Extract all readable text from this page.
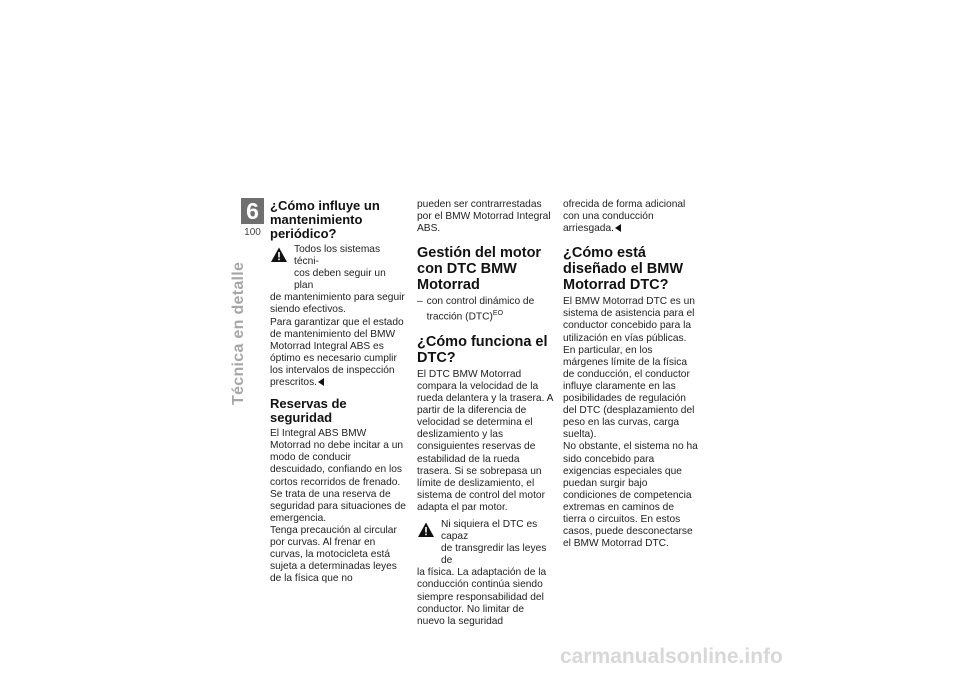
6
100
Técnica en detalle
¿Cómo influye un mantenimiento periódico?
Todos los sistemas técni-
cos deben seguir un plan

de mantenimiento para seguir siendo efectivos.

Para garantizar que el estado de mantenimiento del BMW Motorrad Integral ABS es óptimo es necesario cumplir los intervalos de inspección prescritos.

Reservas de seguridad

El Integral ABS BMW Motorrad no debe incitar a un modo de conducir descuidado, confiando en los cortos recorridos de frenado. Se trata de una reserva de seguridad para situaciones de emergencia.

Tenga precaución al circular por curvas. Al frenar en curvas, la motocicleta está sujeta a determinadas leyes de la física que no

pueden ser contrarrestadas por el BMW Motorrad Integral ABS.

Gestión del motor con DTC BMW Motorrad
– con control dinámico de tracción (DTC)$^{EO}$
¿Cómo funciona el DTC?

El DTC BMW Motorrad compara la velocidad de la rueda delantera y la trasera. A partir de la diferencia de velocidad se determina el deslizamiento y las consiguientes reservas de estabilidad de la rueda trasera. Si se sobrepasa un límite de deslizamiento, el sistema de control del motor adapta el par motor.

Ni siquiera el DTC es capaz
de transgredir las leyes de

la física. La adaptación de la conducción continúa siendo siempre responsabilidad del conductor. No limitar de nuevo la seguridad

ofrecida de forma adicional con una conducción arriesgada.

¿Cómo está diseñado el BMW Motorrad DTC?

El BMW Motorrad DTC es un sistema de asistencia para el conductor concebido para la utilización en vías públicas. En particular, en los márgenes límite de la física de conducción, el conductor influye claramente en las posibilidades de regulación del DTC (desplazamiento del peso en las curvas, carga suelta).

No obstante, el sistema no ha sido concebido para exigencias especiales que puedan surgir bajo condiciones de competencia extremas en caminos de tierra o circuitos. En estos casos, puede desconectarse el BMW Motorrad DTC.

carmanualsonline.info
